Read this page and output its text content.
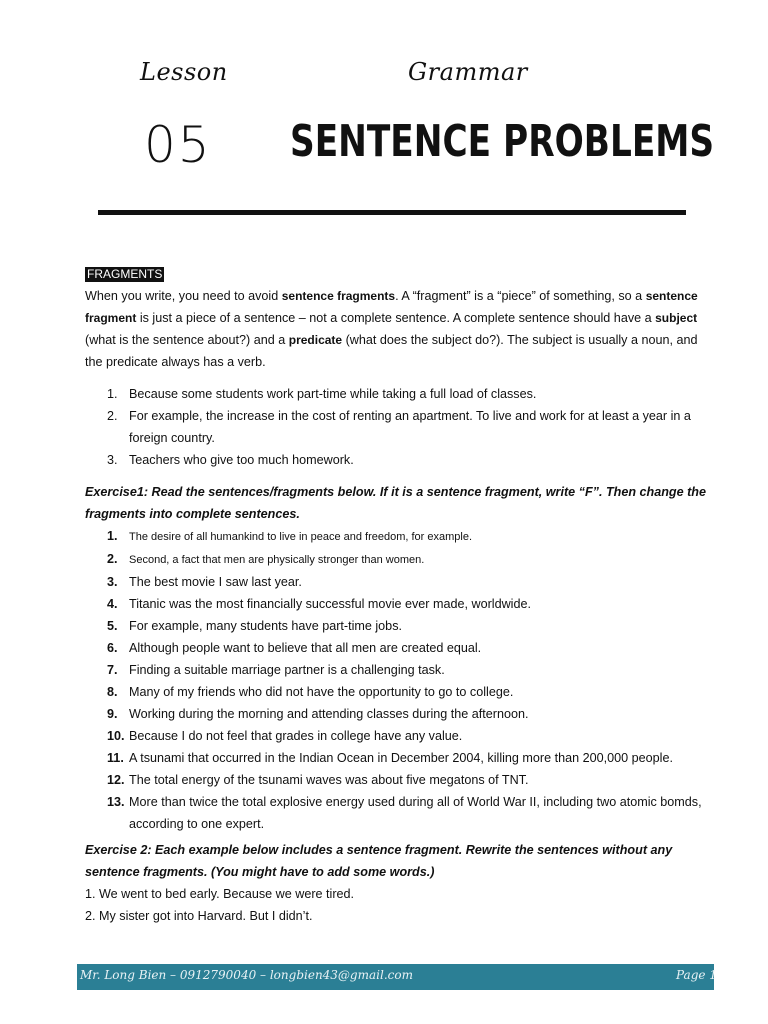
Lesson	Grammar
05 SENTENCE PROBLEMS

FRAGMENTS

When you write, you need to avoid sentence fragments. A “fragment” is a “piece” of something, so a sentence fragment is just a piece of a sentence – not a complete sentence. A complete sentence should have a subject (what is the sentence about?) and a predicate (what does the subject do?). The subject is usually a noun, and the predicate always has a verb.

1. Because some students work part-time while taking a full load of classes.
2. For example, the increase in the cost of renting an apartment. To live and work for at least a year in a foreign country.
3. Teachers who give too much homework.

Exercise1: Read the sentences/fragments below. If it is a sentence fragment, write “F”. Then change the fragments into complete sentences.

1. The desire of all humankind to live in peace and freedom, for example.
2. Second, a fact that men are physically stronger than women.
3. The best movie I saw last year.
4. Titanic was the most financially successful movie ever made, worldwide.
5. For example, many students have part-time jobs.
6. Although people want to believe that all men are created equal.
7. Finding a suitable marriage partner is a challenging task.
8. Many of my friends who did not have the opportunity to go to college.
9. Working during the morning and attending classes during the afternoon.
10. Because I do not feel that grades in college have any value.
11. A tsunami that occurred in the Indian Ocean in December 2004, killing more than 200,000 people.
12. The total energy of the tsunami waves was about five megatons of TNT.
13. More than twice the total explosive energy used during all of World War II, including two atomic bomds, according to one expert.

Exercise 2: Each example below includes a sentence fragment. Rewrite the sentences without any sentence fragments. (You might have to add some words.)

1. We went to bed early. Because we were tired.

2. My sister got into Harvard. But I didn’t.

Mr. Long Bien – 0912790040 – longbien43@gmail.com	Page 1
